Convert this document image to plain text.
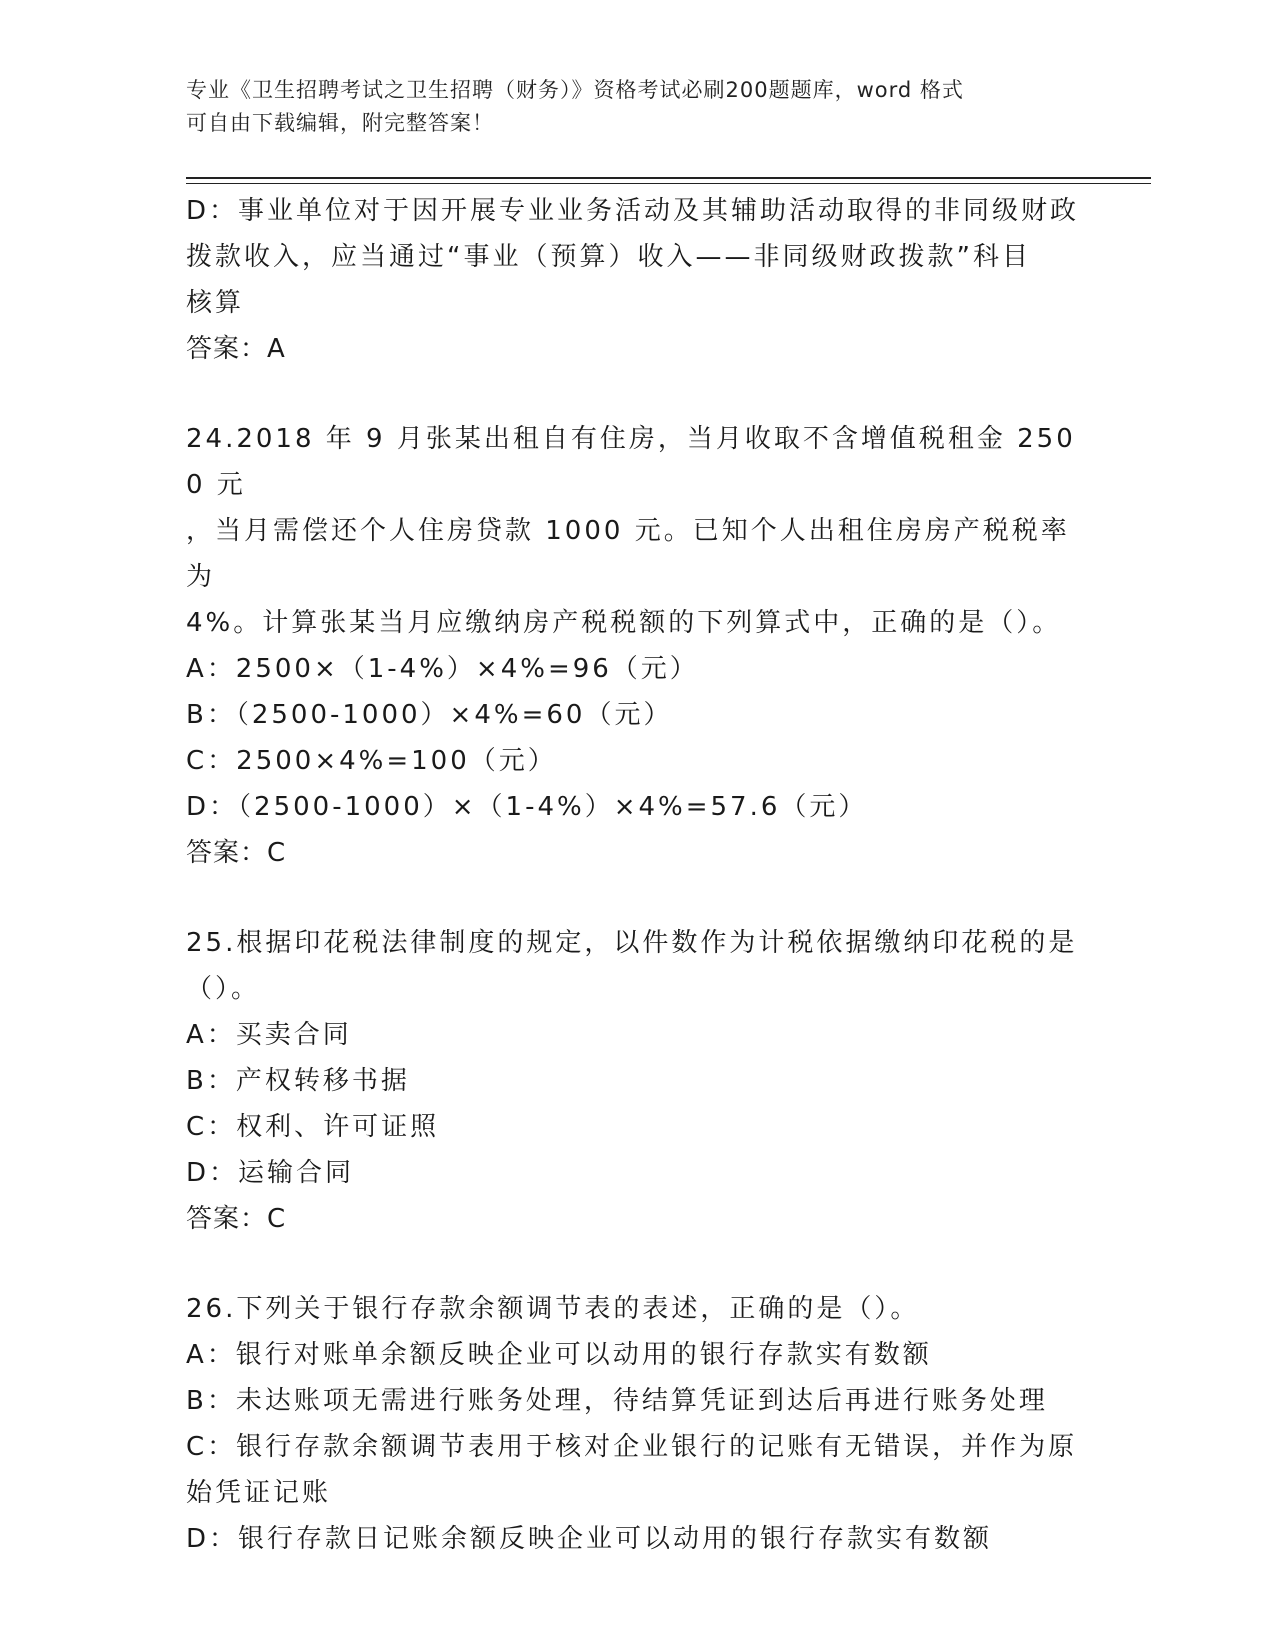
专业《卫生招聘考试之卫生招聘（财务）》资格考试必刷200题题库，word 格式
可自由下载编辑，附完整答案！
D：事业单位对于因开展专业业务活动及其辅助活动取得的非同级财政
拨款收入，应当通过“事业（预算）收入——非同级财政拨款”科目
核算
答案：A
24.2018 年 9 月张某出租自有住房，当月收取不含增值税租金 2500 元
，当月需偿还个人住房贷款 1000 元。已知个人出租住房房产税税率为
4%。计算张某当月应缴纳房产税税额的下列算式中，正确的是（）。
A：2500×（1-4%）×4%=96（元）
B：（2500-1000）×4%=60（元）
C：2500×4%=100（元）
D：（2500-1000）×（1-4%）×4%=57.6（元）
答案：C
25.根据印花税法律制度的规定，以件数作为计税依据缴纳印花税的是
（）。
A：买卖合同
B：产权转移书据
C：权利、许可证照
D：运输合同
答案：C
26.下列关于银行存款余额调节表的表述，正确的是（）。
A：银行对账单余额反映企业可以动用的银行存款实有数额
B：未达账项无需进行账务处理，待结算凭证到达后再进行账务处理
C：银行存款余额调节表用于核对企业银行的记账有无错误，并作为原
始凭证记账
D：银行存款日记账余额反映企业可以动用的银行存款实有数额
